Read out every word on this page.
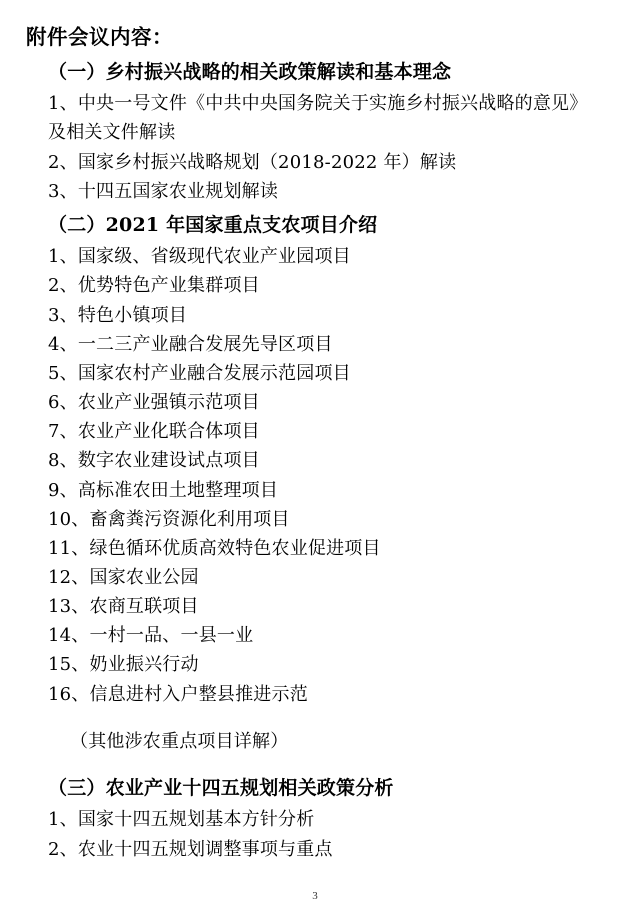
附件会议内容：
（一）乡村振兴战略的相关政策解读和基本理念

1、中央一号文件《中共中央国务院关于实施乡村振兴战略的意见》及相关文件解读

2、国家乡村振兴战略规划（2018-2022 年）解读

3、十四五国家农业规划解读

（二）2021 年国家重点支农项目介绍

1、国家级、省级现代农业产业园项目

2、优势特色产业集群项目

3、特色小镇项目

4、一二三产业融合发展先导区项目

5、国家农村产业融合发展示范园项目

6、农业产业强镇示范项目

7、农业产业化联合体项目

8、数字农业建设试点项目

9、高标准农田土地整理项目

10、畜禽粪污资源化利用项目

11、绿色循环优质高效特色农业促进项目

12、国家农业公园

13、农商互联项目

14、一村一品、一县一业

15、奶业振兴行动

16、信息进村入户整县推进示范

（其他涉农重点项目详解）

（三）农业产业十四五规划相关政策分析

1、国家十四五规划基本方针分析

2、农业十四五规划调整事项与重点

3
